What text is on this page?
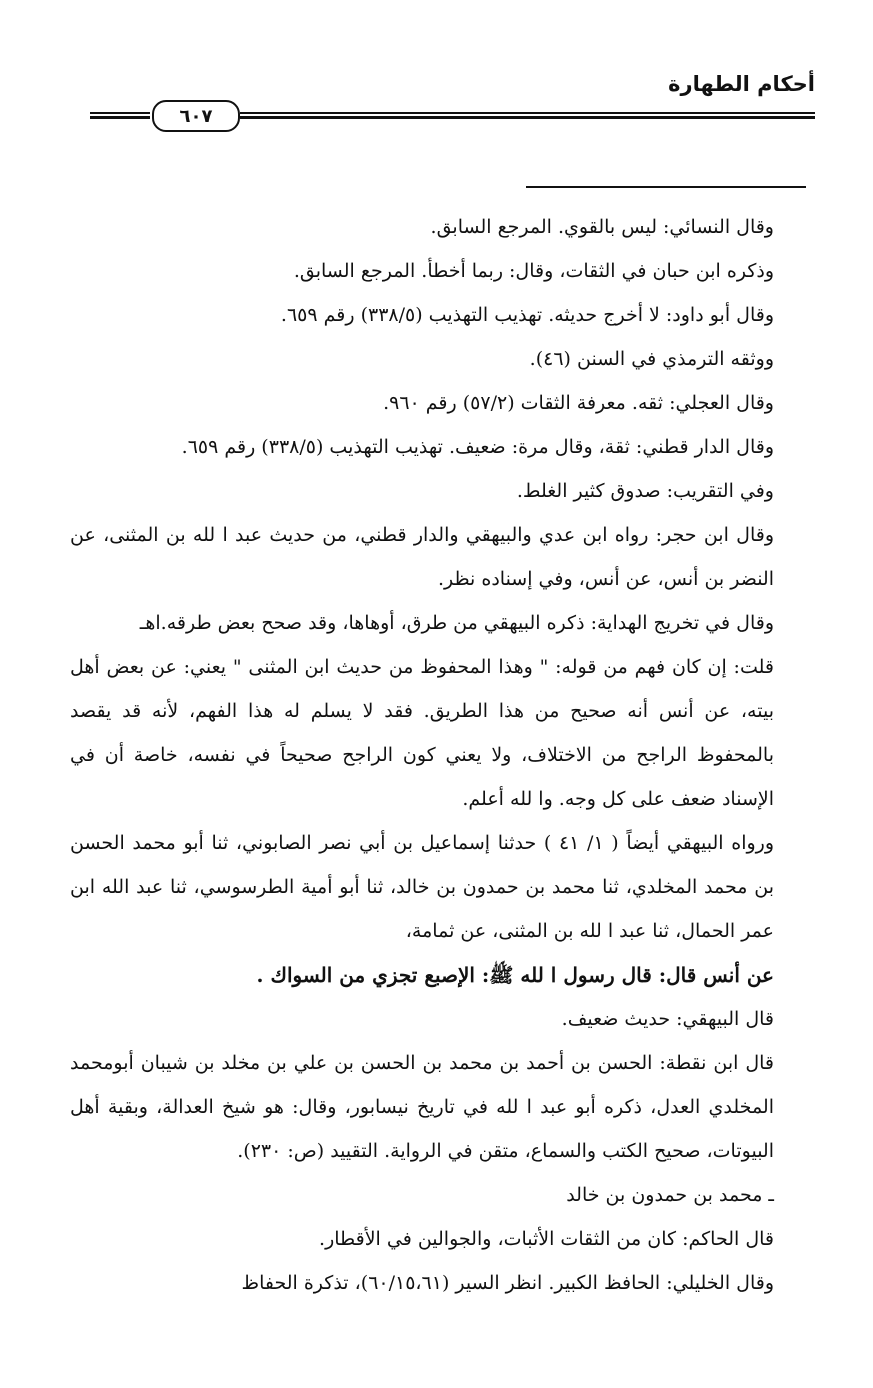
أحكام الطهارة
٦٠٧

وقال النسائي: ليس بالقوي. المرجع السابق.

وذكره ابن حبان في الثقات، وقال: ربما أخطأ. المرجع السابق.

وقال أبو داود: لا أخرج حديثه. تهذيب التهذيب (٣٣٨/٥) رقم ٦٥٩.

ووثقه الترمذي في السنن (٤٦).

وقال العجلي: ثقه. معرفة الثقات (٥٧/٢) رقم ٩٦٠.

وقال الدار قطني: ثقة، وقال مرة: ضعيف. تهذيب التهذيب (٣٣٨/٥) رقم ٦٥٩.

وفي التقريب: صدوق كثير الغلط.

وقال ابن حجر: رواه ابن عدي والبيهقي والدار قطني، من حديث عبد ا لله بن المثنى، عن النضر بن أنس، عن أنس، وفي إسناده نظر.

وقال في تخريج الهداية: ذكره البيهقي من طرق، أوهاها، وقد صحح بعض طرقه.اهـ

قلت: إن كان فهم من قوله: " وهذا المحفوظ من حديث ابن المثنى " يعني: عن بعض أهل بيته، عن أنس أنه صحيح من هذا الطريق. فقد لا يسلم له هذا الفهم، لأنه قد يقصد بالمحفوظ الراجح من الاختلاف، ولا يعني كون الراجح صحيحاً في نفسه، خاصة أن في الإسناد ضعف على كل وجه. وا لله أعلم.

ورواه البيهقي أيضاً ( ١/ ٤١ ) حدثنا إسماعيل بن أبي نصر الصابوني، ثنا أبو محمد الحسن بن محمد المخلدي، ثنا محمد بن حمدون بن خالد، ثنا أبو أمية الطرسوسي، ثنا عبد الله ابن عمر الحمال، ثنا عبد ا لله بن المثنى، عن ثمامة،

عن أنس قال: قال رسول ا لله ﷺ: الإصبع تجزي من السواك .

قال البيهقي: حديث ضعيف.

قال ابن نقطة: الحسن بن أحمد بن محمد بن الحسن بن علي بن مخلد بن شيبان أبومحمد المخلدي العدل، ذكره أبو عبد ا لله في تاريخ نيسابور، وقال: هو شيخ العدالة، وبقية أهل البيوتات، صحيح الكتب والسماع، متقن في الرواية. التقييد (ص: ٢٣٠).

ـ محمد بن حمدون بن خالد

قال الحاكم: كان من الثقات الأثبات، والجوالين في الأقطار.

وقال الخليلي: الحافظ الكبير. انظر السير (٦٠/١٥،٦١)، تذكرة الحفاظ
